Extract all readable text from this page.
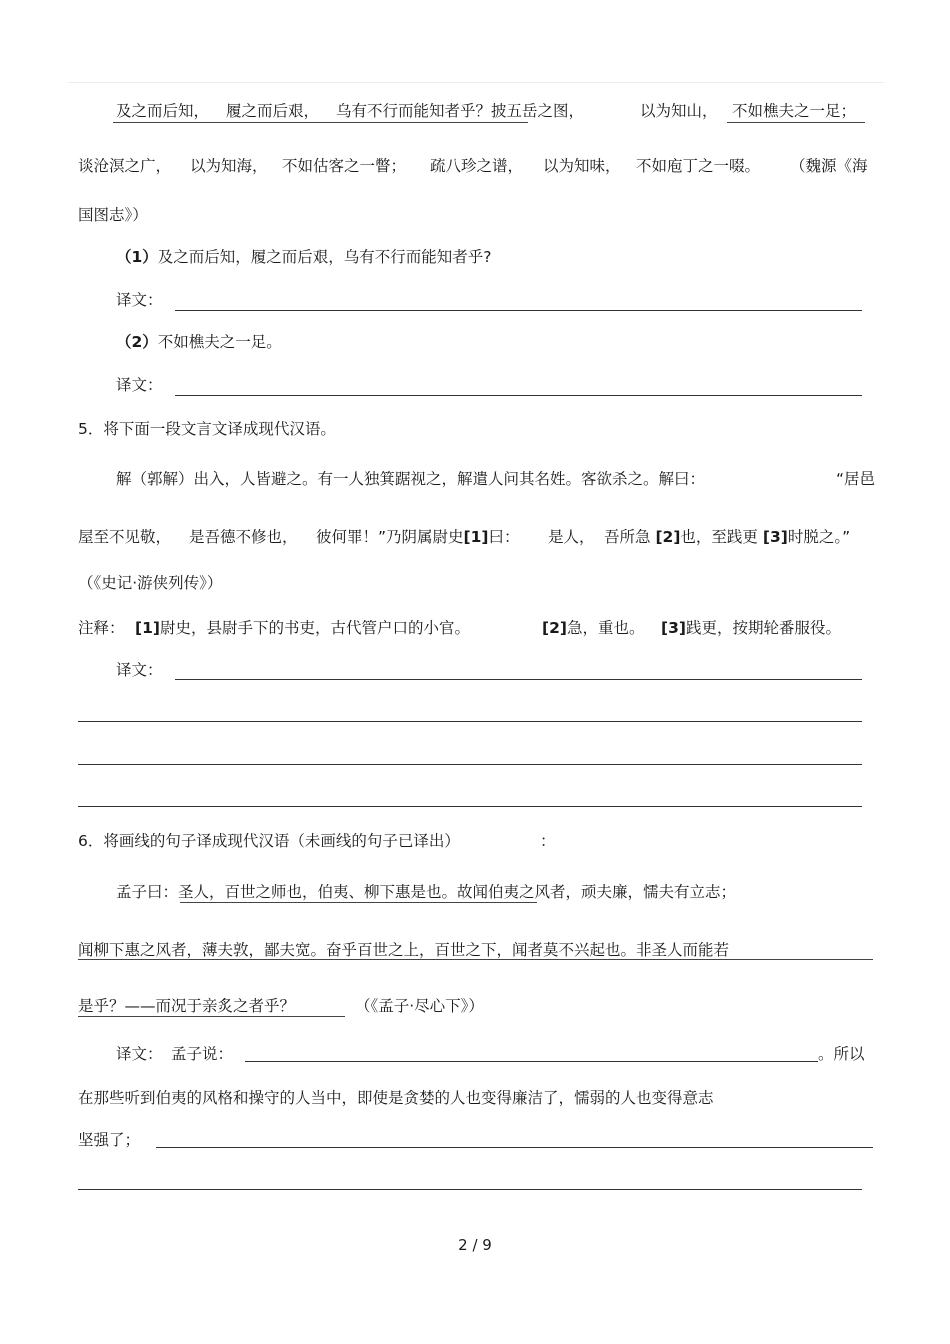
及之而后知， 履之而后艰， 乌有不行而能知者乎？披五岳之图，	以为知山， 不如樵夫之一足；
谈沧溟之广， 以为知海， 不如估客之一瞥； 疏八珍之谱， 以为知味， 不如庖丁之一啜。 （魏源《海
国图志》）
（1）及之而后知，履之而后艰，乌有不行而能知者乎?
译文：
（2）不如樵夫之一足。
译文：
5．将下面一段文言文译成现代汉语。
解（郭解）出入，人皆避之。有一人独箕踞视之，解遣人问其名姓。客欲杀之。解曰：	“居邑
屋至不见敬， 是吾德不修也， 彼何罪！”乃阴属尉史[1]曰： 是人， 吾所急 [2]也，至践更 [3]时脱之。”
（《史记·游侠列传》）
注释： [1]尉史，县尉手下的书吏，古代管户口的小官。	[2]急，重也。 [3]践更，按期轮番服役。
译文：
6．将画线的句子译成现代汉语（未画线的句子已译出）	：
孟子曰：圣人，百世之师也，伯夷、柳下惠是也。故闻伯夷之风者，顽夫廉，懦夫有立志；
闻柳下惠之风者，薄夫敦，鄙夫宽。奋乎百世之上，百世之下，闻者莫不兴起也。非圣人而能若
是乎？——而况于亲炙之者乎？	（《孟子·尽心下》）
译文： 孟子说：	。所以
在那些听到伯夷的风格和操守的人当中，即使是贪婪的人也变得廉洁了，懦弱的人也变得意志
坚强了；
2 / 9
